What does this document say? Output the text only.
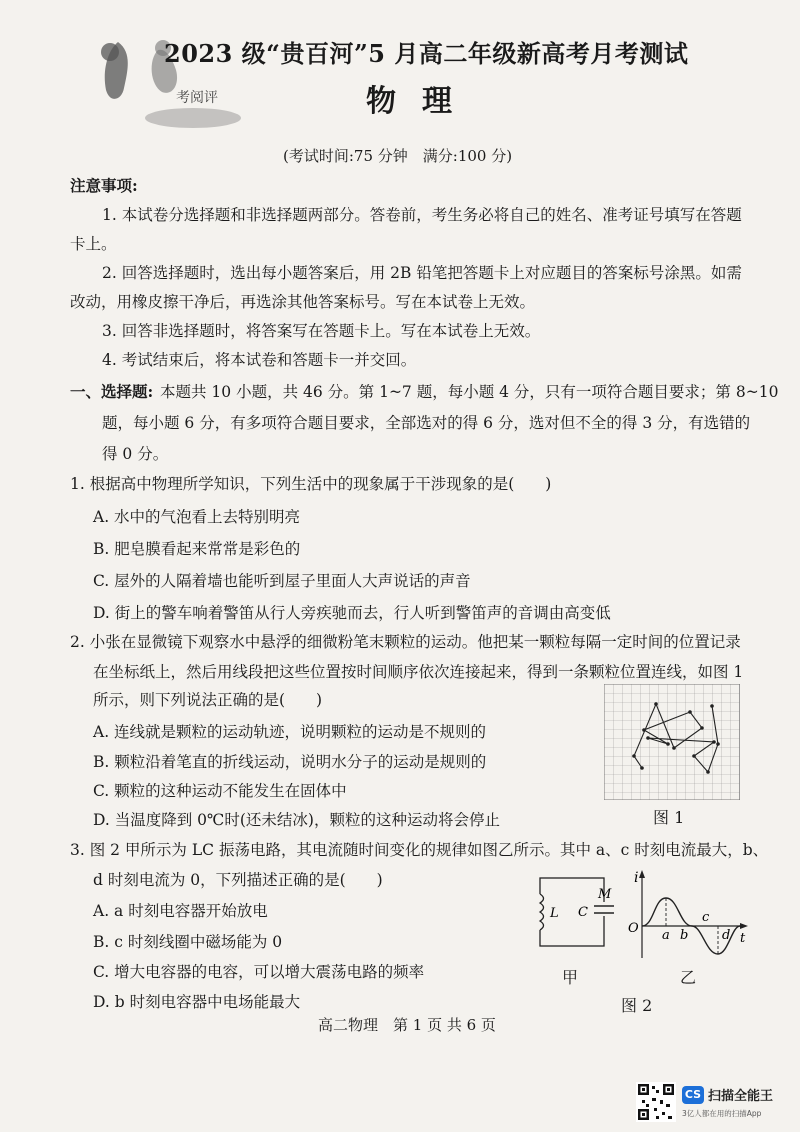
考阅评
2023 级“贵百河”5 月高二年级新高考月考测试
物理
(考试时间:75 分钟　满分:100 分)
注意事项:
1. 本试卷分选择题和非选择题两部分。答卷前，考生务必将自己的姓名、准考证号填写在答题
卡上。
2. 回答选择题时，选出每小题答案后，用 2B 铅笔把答题卡上对应题目的答案标号涂黑。如需
改动，用橡皮擦干净后，再选涂其他答案标号。写在本试卷上无效。
3. 回答非选择题时，将答案写在答题卡上。写在本试卷上无效。
4. 考试结束后，将本试卷和答题卡一并交回。
一、选择题: 本题共 10 小题，共 46 分。第 1~7 题，每小题 4 分，只有一项符合题目要求；第 8~10
题，每小题 6 分，有多项符合题目要求，全部选对的得 6 分，选对但不全的得 3 分，有选错的
得 0 分。
1. 根据高中物理所学知识，下列生活中的现象属于干涉现象的是(　　)
A. 水中的气泡看上去特别明亮
B. 肥皂膜看起来常常是彩色的
C. 屋外的人隔着墙也能听到屋子里面人大声说话的声音
D. 街上的警车响着警笛从行人旁疾驰而去，行人听到警笛声的音调由高变低
2. 小张在显微镜下观察水中悬浮的细微粉笔末颗粒的运动。他把某一颗粒每隔一定时间的位置记录
在坐标纸上，然后用线段把这些位置按时间顺序依次连接起来，得到一条颗粒位置连线，如图 1
所示，则下列说法正确的是(　　)
A. 连线就是颗粒的运动轨迹，说明颗粒的运动是不规则的
B. 颗粒沿着笔直的折线运动，说明水分子的运动是规则的
C. 颗粒的这种运动不能发生在固体中
D. 当温度降到 0℃时(还未结冰)，颗粒的这种运动将会停止	图 1
3. 图 2 甲所示为 LC 振荡电路，其电流随时间变化的规律如图乙所示。其中 a、c 时刻电流最大，b、
d 时刻电流为 0，下列描述正确的是(　　)
A. a 时刻电容器开始放电
B. c 时刻线圈中磁场能为 0
C. 增大电容器的电容，可以增大震荡电路的频率
D. b 时刻电容器中电场能最大
L C
M
甲
i
O a b
c
d t
乙
图 2
高二物理　第 1 页 共 6 页
CS 扫描全能王
3亿人都在用的扫描App
